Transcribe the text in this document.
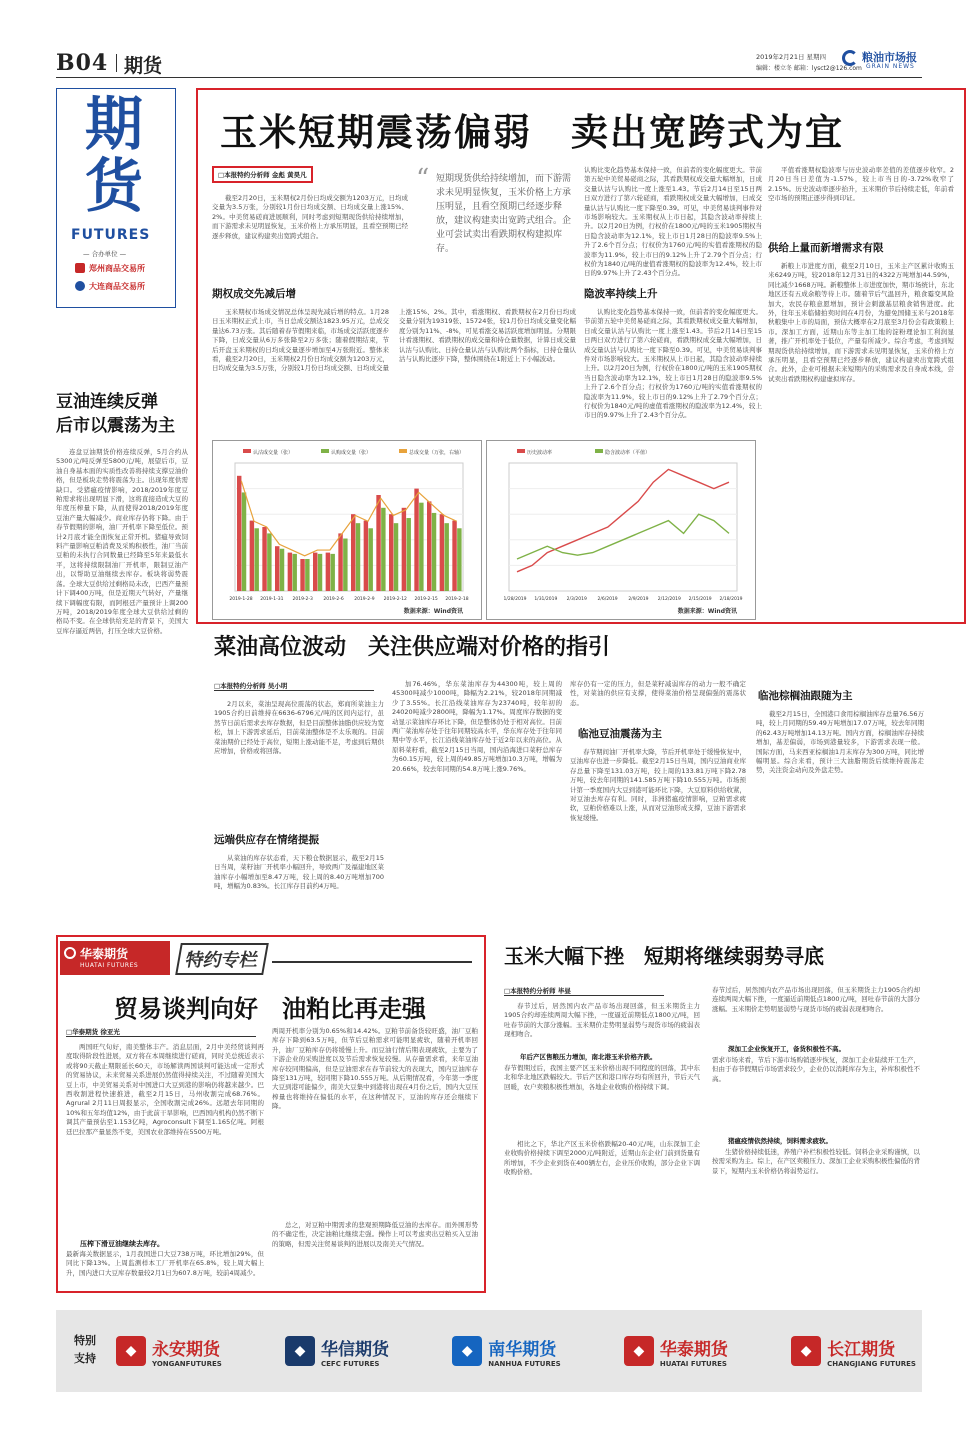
B04 期货	2019年2月21日 星期四
编辑：楼立冬 邮箱：lysct2@126.com
粮油市场报
GRAIN NEWS
期
货
FUTURES
— 合办单位 —
郑州商品交易所
大连商品交易所
豆油连续反弹
后市以震荡为主
连盘豆油期货价格连续反弹，5月合约从5300元/吨反弹至5800元/吨，展望后市，豆油自身基本面的实质性改善将持续支撑豆油价格，但是板块走势将震荡为主。出现年度供需缺口。受猪瘟疫情影响，2018/2019年度豆粕需求将出现明显下滑，这将直接造成大豆的年度压榨量下降，从而使得2018/2019年度豆油产量大幅减少。商业库存仍将下降。由于春节假期的影响，油厂开机率下降至低位。预计2月底才能全面恢复正常开机。猪瘟导致饲料产量影响豆粕消费及采购积极性，油厂当前豆粕的未执行合同数量已经降至5年来最低水平，这将持续限制油厂开机率，限制豆油产出，以帮助豆油继续去库存。板块将弱势震荡。全球大豆供给过剩格局未改，巴西产量预计下调400万吨，但是近期天气转好，产量继续下调幅度有限，而阿根廷产量预计上调200万吨，2018/2019年度全球大豆供给过剩的格局不变。在全球供给充足的背景下，美国大豆库存逼近两倍，打压全球大豆价格。
玉米短期震荡偏弱　卖出宽跨式为宜
□本报特约分析师 金彪 黄昊凡
截至2月20日，玉米期权2月份日均成交额为1203万元，日均成交量为3.5万张，分别较1月份日均成交额、日均成交量上涨15%、2%。中美贸易磋商进展顺利，同时考虑到短期现货供给持续增加，而下游需求未见明显恢复，玉米价格上方承压明显，且看空预期已经逐步释放，建议构建卖出宽跨式组合。
“ 短期现货供给持续增加，而下游需求未见明显恢复，玉米价格上方承压明显，且看空预期已经逐步释放，建议构建卖出宽跨式组合。企业可尝试卖出看跌期权构建拟库存。
期权成交先减后增
玉米期权市场成交情况总体呈现先减后增的特点。1月28日玉米期权正式上市，当日总成交额达1823.95万元，总成交量达6.73万张。其后随着春节假期来临，市场成交活跃度逐步下降，日成交量从6万多张降至2万多张；随着假期结束，节后开盘玉米期权的日均成交量逐步增加至4万张附近。整体来看，截至2月20日，玉米期权2月份日均成交额为1203万元，日均成交量为3.5万张，分别较1月份日均成交额、日均成交量上涨15%、2%。其中，看涨期权、看跌期权在2月份日均成交量分别为19319张、15724张，较1月份日均成交量变化幅度分别为11%、-8%，可见看涨交易活跃度增加明显。分期限计看涨期权、看跌期权的成交量和持仓量数据，计算日成交量认沽与认购比、日持仓量认沽与认购比两个指标，日持仓量认沽与认购比逐步下降，整体围绕在1附近上下小幅波动。
认购比变化趋势基本保持一致，但前者的变化幅度更大。节前第五轮中美贸易磋商之际，其看跌期权成交量大幅增加，日成交量认沽与认购比一度上涨至1.43。节后2月14日至15日两日双方进行了第六轮磋商，看跌期权成交量大幅增加，日成交量认沽与认购比一度下降至0.39。可见，中美贸易谈判事件对市场影响较大。玉米期权从上市日起，其隐含波动率持续上升。以2月20日为例，行权价在1800元/吨的玉米1905期权当日隐含波动率为12.1%，较上市日1月28日的隐波率9.5%上升了2.6个百分点；行权价为1760元/吨的实值看涨期权的隐波率为11.9%，较上市日的9.12%上升了2.79个百分点；行权价为1840元/吨的虚值看涨期权的隐波率为12.4%，较上市日的9.97%上升了2.43个百分点。
隐波率持续上升
认购比变化趋势基本保持一致，但前者的变化幅度更大。节前第五轮中美贸易磋商之际，其看跌期权成交量大幅增加，日成交量认沽与认购比一度上涨至1.43。节后2月14日至15日两日双方进行了第六轮磋商，看跌期权成交量大幅增加，日成交量认沽与认购比一度下降至0.39。可见，中美贸易谈判事件对市场影响较大。玉米期权从上市日起，其隐含波动率持续上升。以2月20日为例，行权价在1800元/吨的玉米1905期权当日隐含波动率为12.1%，较上市日1月28日的隐波率9.5%上升了2.6个百分点；行权价为1760元/吨的实值看涨期权的隐波率为11.9%，较上市日的9.12%上升了2.79个百分点；行权价为1840元/吨的虚值看涨期权的隐波率为12.4%，较上市日的9.97%上升了2.43个百分点。
平值看涨期权隐波率与历史波动率差值的差值逐步收窄。2月20日当日差值为-1.57%，较上市当日的-3.72%收窄了2.15%。历史波动率逐步抬升，玉米期价节后持续走低，年前看空市场的预期正逐步得到印证。
供给上量而新增需求有限
新粮上市进度方面，截至2月10日，玉米主产区累计收购玉米6249万吨，较2018年12月31日的4322万吨增加44.59%，同比减少1668万吨。新粮整体上市进度加快，期市场统计，东北地区还有五成余粮等待上市。随着节后气温回升，粮食霉变风险加大，农民存粮意愿增加，预计会刺激基层粮食销售进度。此外，往年玉米临储拍卖时间在4月份，为避免国储玉米与2018年秋粮集中上市的局面，预估大概率在2月底至3月份会有政策粮上市。深加工方面，近期山东等主加工地的淀粉理论加工利润显著，推广开机率处于低位，产量有所减少。综合考虑，考虑到短期现货供给持续增加，而下游需求未见明显恢复，玉米价格上方承压明显，且看空预期已经逐步释放，建议构建卖出宽跨式组合。此外，企业可根据未来短期内的采购需求及自身成本线，尝试卖出看跌期权构建虚拟库存。
认沽成交量（张）	认购成交量（张）	总成交量（万张，右轴）
2019-1-28 2019-1-31 2019-2-3 2019-2-6 2019-2-9 2019-2-12 2019-2-15 2019-2-18
数据来源：Wind资讯
历史波动率	隐含波动率（平值）
1/28/2019 1/31/2019 2/3/2019 2/6/2019 2/9/2019 2/12/2019 2/15/2019 2/18/2019
数据来源：Wind资讯
菜油高位波动　关注供应端对价格的指引
□本报特约分析师 吴小明
2月以来，菜油呈现高位震荡的状态，郑商所菜油主力1905合约日前维持在6636-6796元/吨的区间内运行，虽然节日前后需求去库存数据，但是目前整体油脂供应较为宽松，加上下游需求延后，目前菜油整体是不太乐观的。目前菜油期价已经处于高位，短期上涨动能不足，考虑到后期供应增加，价格或将回落。
远端供应存在情绪提振
从菜油的库存状态看，天下粮仓数据显示，截至2月15日当周，菜籽油厂开机率小幅回升，导致两广及福建地区菜油库存小幅增加至8.47万吨，较上周的8.40万吨增加700吨，增幅为0.83%。长江库存目前约4万吨。
加76.46%，华东菜油库存为44300吨，较上周的45300吨减少1000吨，降幅为2.21%，较2018年同期减少了3.55%。长江沿线菜油库存为23740吨，较年初的24020吨减少2800吨，降幅为1.17%。周度库存数据的变动显示菜油库存环比下降，但是整体仍处于相对高位。目前两广菜油库存处于往年同期较高水平，华东库存处于往年同期中等水平，长江沿线菜油库存处于近2年以来的高位。从原料菜籽看，截至2月15日当周，国内沿海进口菜籽总库存为60.15万吨，较上周的49.85万吨增加10.3万吨，增幅为20.66%，较去年同期的54.8万吨上涨9.76%。
库存仍有一定的压力，但是菜籽减弱库存的动力一般不确定性，对菜油的供应有支撑，使得菜油价格呈现偏强的震荡状态。
临池豆油震荡为主
春节期间油厂开机率大降，节后开机率处于缓慢恢复中，豆油库存也进一步降低。截至2月15日当周，国内豆油商业库存总量下降至131.03万吨，较上周的133.81万吨下降2.78万吨，较去年同期的141.585万吨下降10.555万吨。市场预计第一季度国内大豆到港可能环比下降，大豆原料供给收紧，对豆油去库存有利。同时，非洲猪瘟疫情影响，豆粕需求疲软，豆粕价格难以上涨，从而对豆油形成支撑，豆油下游需求恢复缓慢。
临池棕榈油跟随为主
截至2月15日，全国港口食用棕榈油库存总量76.56万吨，较上月同期的59.49万吨增加17.07万吨，较去年同期的62.43万吨增加14.13万吨。国内方面，棕榈油库存持续增加，基差偏弱，市场到港量较多，下游需求表现一般。国际方面，马来西亚棕榈油1月末库存为300万吨，同比增幅明显。综合来看，预计三大油脂期货后续维持震荡走势，关注资金动向及外盘走势。
华泰期货
HUATAI FUTURES	特约专栏
贸易谈判向好　油粕比再走强
□华泰期货 徐亚光
两国旺气旬好，南美整体丰产。消息层面，2月中美经贸谈判再度取得阶段性进展，双方将在本周继续进行磋商，同时美总统近表示或将90天截止期限延长60天，市场解读两国谈判可能达成一定形式的贸易协议，未来贸易关系进展仍然值得持续关注，不过随着美国大豆上市，中美贸易关系对中国进口大豆到港的影响仍将越来越少。巴西收割进程快速推进，截至2月15日，马州收割完成68.76%。Agrural 2月11日周报显示，全国收割完成26%。远超去年同期的10%和五年均值12%，由于此前干旱影响，巴西国内机构仍然不断下调其产量预估至1.153亿吨，Agroconsult下调至1.165亿吨。阿根廷巴拉那产量显然不变，美国农业部维持在5500万吨。
压榨下滑豆油继续去库存。
最新海关数据显示，1月我国进口大豆738万吨，环比增加29%，但同比下降13%。上周监测样本工厂开机率在65.8%，较上周大幅上升，国内进口大豆库存数量较2月1日为607.8万吨，较前4周减少。
两周开机率分别为0.65%和14.42%。豆粕节前备货较旺盛，油厂豆粕库存下降到63.5万吨，但节后豆粕需求可能明显疲软，随着开机率回升，油厂豆粕库存仍将缓慢上升。而豆油行情后期表现疲软，主要为了下游企业的采购进度以及节后需求恢复较慢。从存量需求看，来年豆油库存较同期偏高，但是豆油需求在春节前较大的表现大，国内豆油库存降至131万吨，较同期下降10.555万吨。从后期情况看，今年第一季度大豆到港可能偏少，南美大豆集中到港将出现在4月份之后，国内大豆压榨量也将维持在偏低的水平，在这种情况下，豆油的库存还会继续下降。
总之，对豆粕中期需求的悲观预期降低豆油的去库存。而外围形势的不确定性，决定油粕比继续走强。操作上可以考虑卖出豆粕买入豆油的策略，但需关注贸易谈判的进展以及南美天气情况。
玉米大幅下挫　短期将继续弱势寻底
□本报特约分析师 毕昼
春节过后，居然国内农产品市场出现回落，但玉米期货主力1905合约却连续两周大幅下挫，一度逼近前期低点1800元/吨，回吐春节前的大部分涨幅。玉米期价走势明显弱势与现货市场的疲弱表现相吻合。
年后产区售粮压力增加，南北港玉米价格齐跌。
春节假期过后，我国主要产区玉米价格出现不同程度的回落，其中东北和华北地区跌幅较大。节后产区和港口库存均有所回升，节后天气回暖，农户卖粮积极性增加，各地企业收购价格持续下调。
相比之下，华北产区玉米价格跌幅20-40元/吨，山东深加工企业收购价格持续下调至2000元/吨附近，近期山东企业门前到货量有所增加，不少企业到货在400辆左右，企业压价收购，部分企业下调收购价格。
春节过后，居然国内农产品市场出现回落，但玉米期货主力1905合约却连续两周大幅下挫，一度逼近前期低点1800元/吨，回吐春节前的大部分涨幅。玉米期价走势明显弱势与现货市场的疲弱表现相吻合。
深加工企业恢复开工，备货积极性不高。
需求市场来看，节后下游市场购销逐步恢复，深加工企业陆续开工生产，但由于春节假期后市场需求较少，企业仍以消耗库存为主，补库积极性不高。
猪瘟疫情依然持续，饲料需求疲软。
生猪价格持续低迷，养殖户补栏积极性较低。饲料企业采购谨慎，以按需采购为主。综上，在产区卖粮压力、深加工企业采购积极性偏低的背景下，短期内玉米价格仍将弱势运行。
特别
支持	◆ 永安期货
YONGANFUTURES
◆ 华信期货
CEFC FUTURES
◆ 南华期货
NANHUA FUTURES
◆ 华泰期货
HUATAI FUTURES
◆ 长江期货
CHANGJIANG FUTURES
